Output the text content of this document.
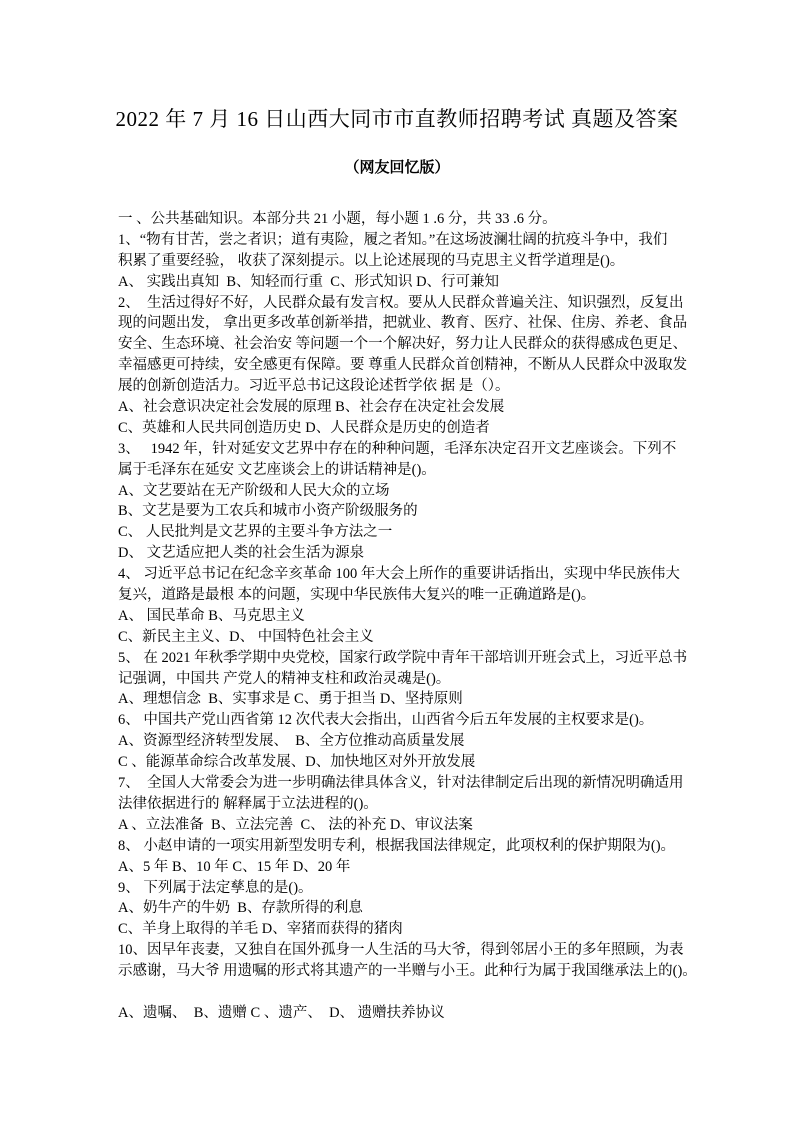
2022 年 7 月 16 日山西大同市市直教师招聘考试 真题及答案
（网友回忆版）
一 、公共基础知识。本部分共 21 小题，每小题 1 .6 分，共 33 .6 分。
1、“物有甘苦，尝之者识；道有夷险，履之者知。”在这场波澜壮阔的抗疫斗争中，我们
积累了重要经验， 收获了深刻提示。以上论述展现的马克思主义哲学道理是()。
A、 实践出真知  B、知轻而行重  C、形式知识 D、行可兼知
2、  生活过得好不好，人民群众最有发言权。要从人民群众普遍关注、知识强烈，反复出
现的问题出发， 拿出更多改革创新举措，把就业、教育、医疗、社保、住房、养老、食品
安全、生态环境、社会治安 等问题一个一个解决好，努力让人民群众的获得感成色更足、
幸福感更可持续，安全感更有保障。要 尊重人民群众首创精神，不断从人民群众中汲取发
展的创新创造活力。习近平总书记这段论述哲学依 据 是（）。
A、社会意识决定社会发展的原理 B、社会存在决定社会发展
C、英雄和人民共同创造历史 D、人民群众是历史的创造者
3、   1942 年，针对延安文艺界中存在的种种问题，毛泽东决定召开文艺座谈会。下列不
属于毛泽东在延安 文艺座谈会上的讲话精神是()。
A、文艺要站在无产阶级和人民大众的立场
B、文艺是要为工农兵和城市小资产阶级服务的
C、 人民批判是文艺界的主要斗争方法之一
D、 文艺适应把人类的社会生活为源泉
4、 习近平总书记在纪念辛亥革命 100 年大会上所作的重要讲话指出，实现中华民族伟大
复兴，道路是最根 本的问题，实现中华民族伟大复兴的唯一正确道路是()。
A、 国民革命 B、马克思主义
C、新民主主义、D、 中国特色社会主义
5、 在 2021 年秋季学期中央党校，国家行政学院中青年干部培训开班会式上，习近平总书
记强调，中国共 产党人的精神支柱和政治灵魂是()。
A、理想信念  B、实事求是 C、勇于担当 D、坚持原则
6、 中国共产党山西省第 12 次代表大会指出，山西省今后五年发展的主权要求是()。
A、资源型经济转型发展、  B、全方位推动高质量发展
C 、能源革命综合改革发展、D、加快地区对外开放发展
7、  全国人大常委会为进一步明确法律具体含义，针对法律制定后出现的新情况明确适用
法律依据进行的 解释属于立法进程的()。
A 、立法准备  B、立法完善  C、 法的补充 D、审议法案
8、 小赵申请的一项实用新型发明专利，根据我国法律规定，此项权利的保护期限为()。
A、5 年 B、10 年 C、15 年 D、20 年
9、 下列属于法定孳息的是()。
A、奶牛产的牛奶  B、存款所得的利息
C、羊身上取得的羊毛 D、宰猪而获得的猪肉
10、因早年丧妻，又独自在国外孤身一人生活的马大爷，得到邻居小王的多年照顾，为表
示感谢，马大爷 用遗嘱的形式将其遗产的一半赠与小王。此种行为属于我国继承法上的()。
A、遗嘱、  B、遗赠 C 、遗产、  D、 遗赠扶养协议
